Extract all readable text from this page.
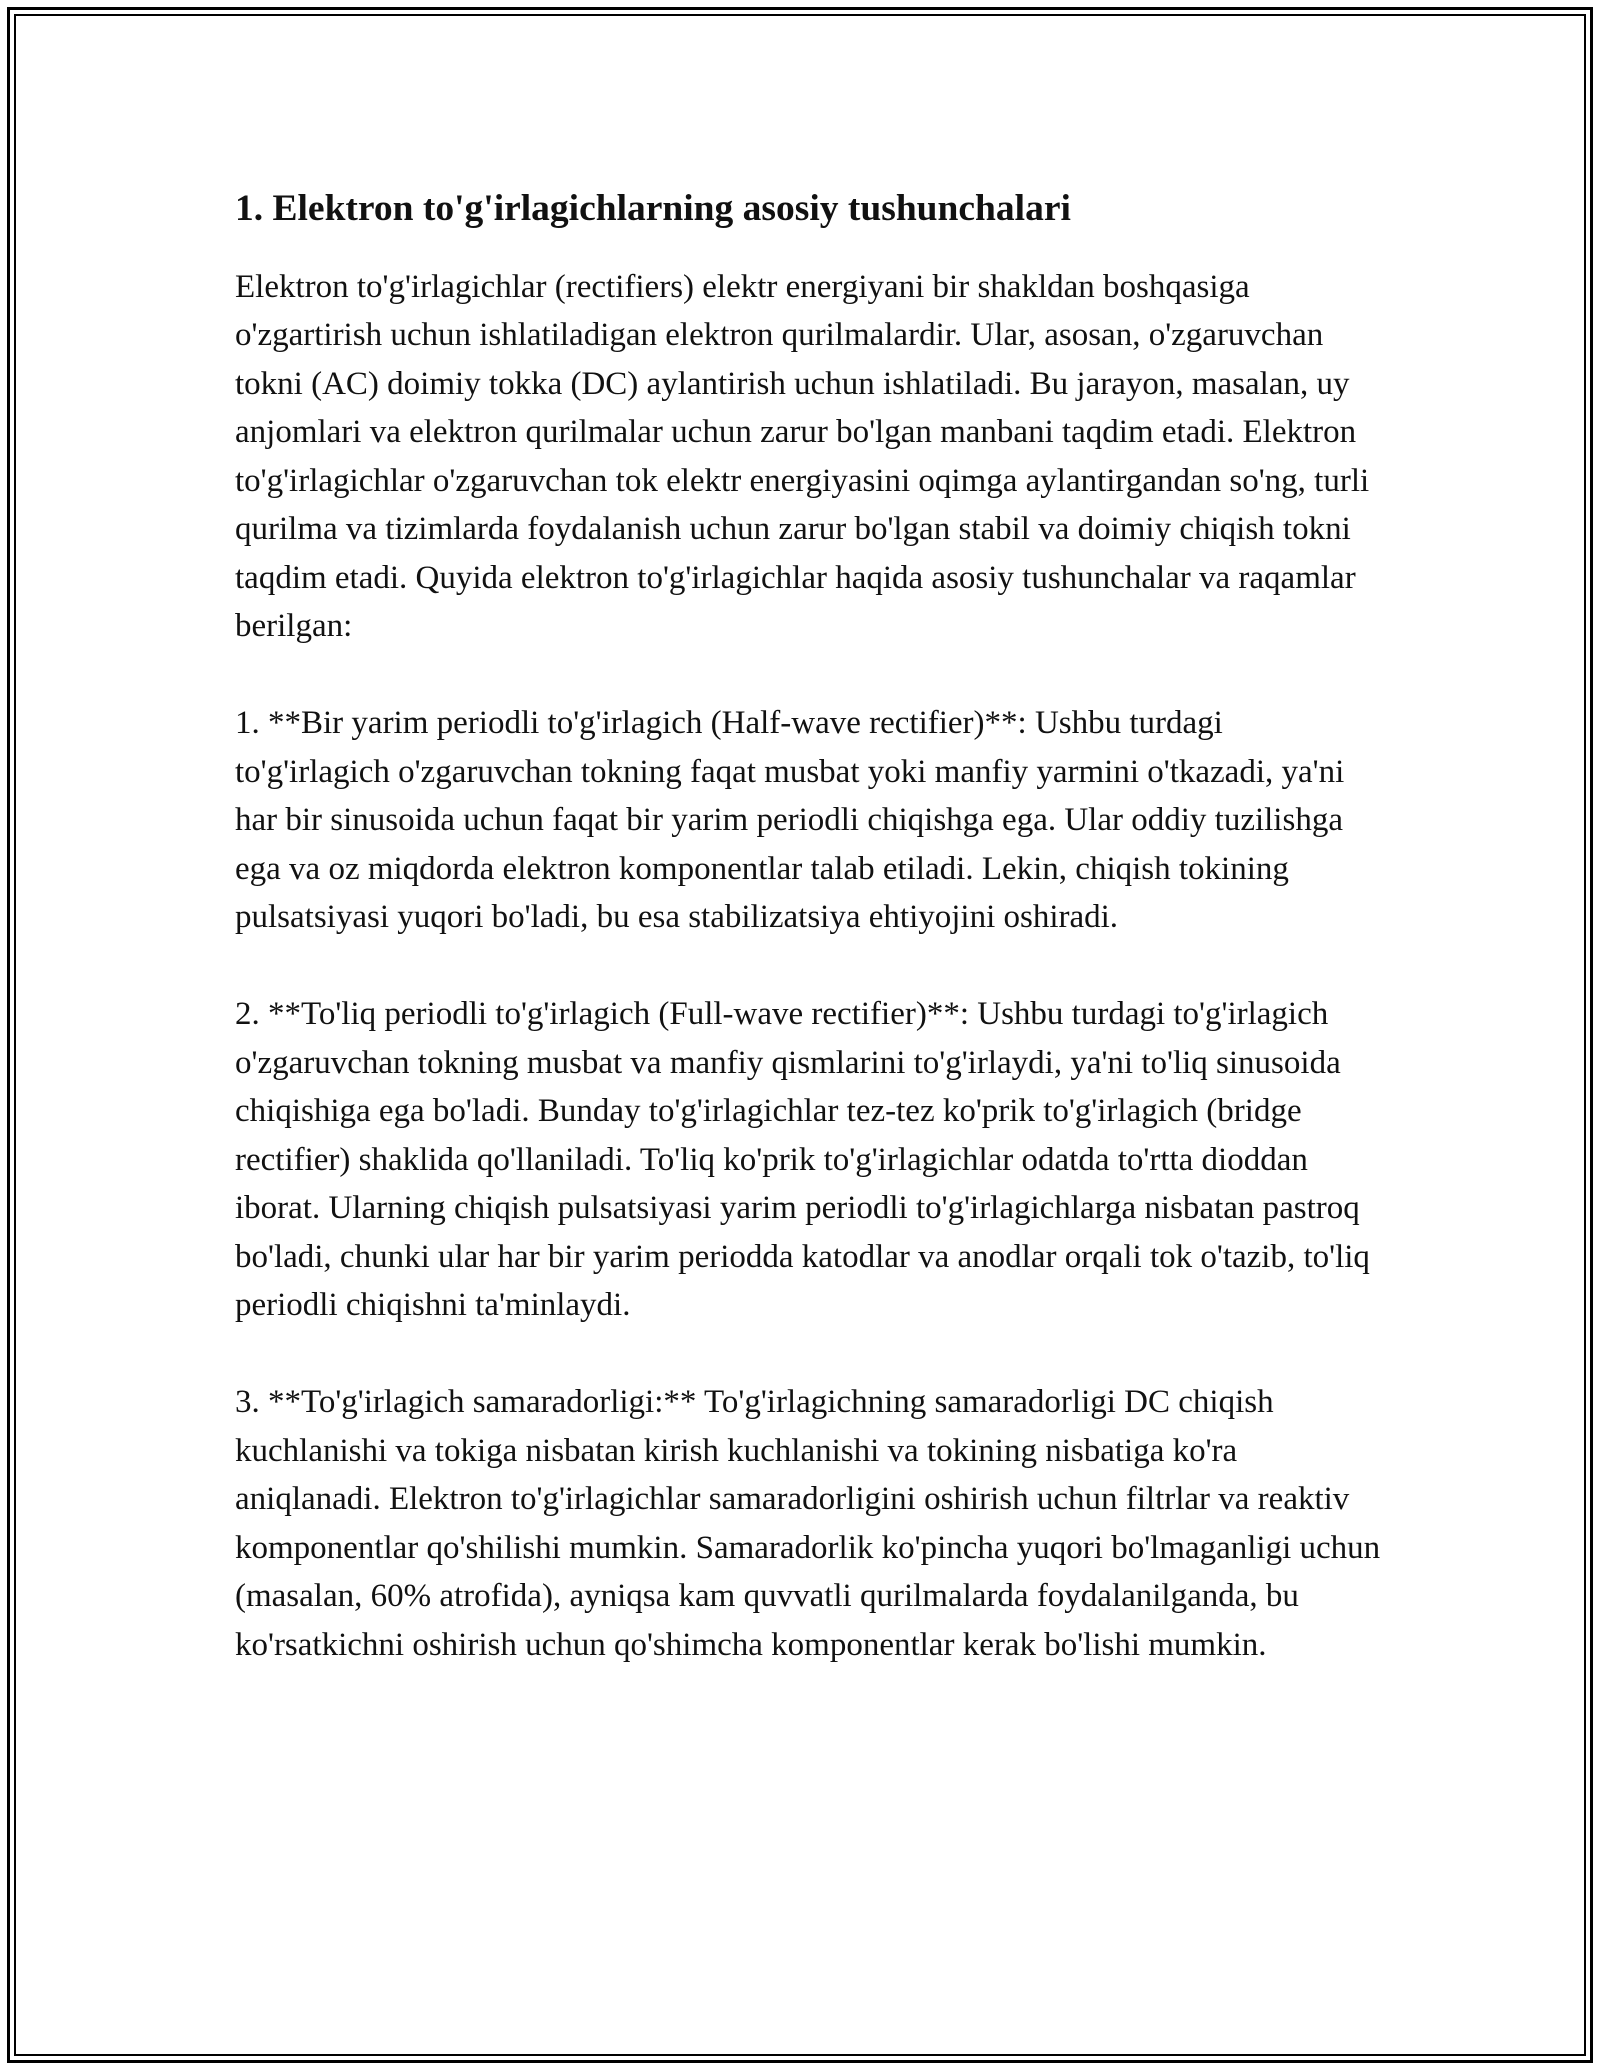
1. Elektron to'g'irlagichlarning asosiy tushunchalari

Elektron to'g'irlagichlar (rectifiers) elektr energiyani bir shakldan boshqasiga o'zgartirish uchun ishlatiladigan elektron qurilmalardir. Ular, asosan, o'zgaruvchan tokni (AC) doimiy tokka (DC) aylantirish uchun ishlatiladi. Bu jarayon, masalan, uy anjomlari va elektron qurilmalar uchun zarur bo'lgan manbani taqdim etadi. Elektron to'g'irlagichlar o'zgaruvchan tok elektr energiyasini oqimga aylantirgandan so'ng, turli qurilma va tizimlarda foydalanish uchun zarur bo'lgan stabil va doimiy chiqish tokni taqdim etadi. Quyida elektron to'g'irlagichlar haqida asosiy tushunchalar va raqamlar berilgan:

1. **Bir yarim periodli to'g'irlagich (Half-wave rectifier)**: Ushbu turdagi to'g'irlagich o'zgaruvchan tokning faqat musbat yoki manfiy yarmini o'tkazadi, ya'ni har bir sinusoida uchun faqat bir yarim periodli chiqishga ega. Ular oddiy tuzilishga ega va oz miqdorda elektron komponentlar talab etiladi. Lekin, chiqish tokining pulsatsiyasi yuqori bo'ladi, bu esa stabilizatsiya ehtiyojini oshiradi.

2. **To'liq periodli to'g'irlagich (Full-wave rectifier)**: Ushbu turdagi to'g'irlagich o'zgaruvchan tokning musbat va manfiy qismlarini to'g'irlaydi, ya'ni to'liq sinusoida chiqishiga ega bo'ladi. Bunday to'g'irlagichlar tez-tez ko'prik to'g'irlagich (bridge rectifier) shaklida qo'llaniladi. To'liq ko'prik to'g'irlagichlar odatda to'rtta dioddan iborat. Ularning chiqish pulsatsiyasi yarim periodli to'g'irlagichlarga nisbatan pastroq bo'ladi, chunki ular har bir yarim periodda katodlar va anodlar orqali tok o'tazib, to'liq periodli chiqishni ta'minlaydi.

3. **To'g'irlagich samaradorligi:** To'g'irlagichning samaradorligi DC chiqish kuchlanishi va tokiga nisbatan kirish kuchlanishi va tokining nisbatiga ko'ra aniqlanadi. Elektron to'g'irlagichlar samaradorligini oshirish uchun filtrlar va reaktiv komponentlar qo'shilishi mumkin. Samaradorlik ko'pincha yuqori bo'lmaganligi uchun (masalan, 60% atrofida), ayniqsa kam quvvatli qurilmalarda foydalanilganda, bu ko'rsatkichni oshirish uchun qo'shimcha komponentlar kerak bo'lishi mumkin.
